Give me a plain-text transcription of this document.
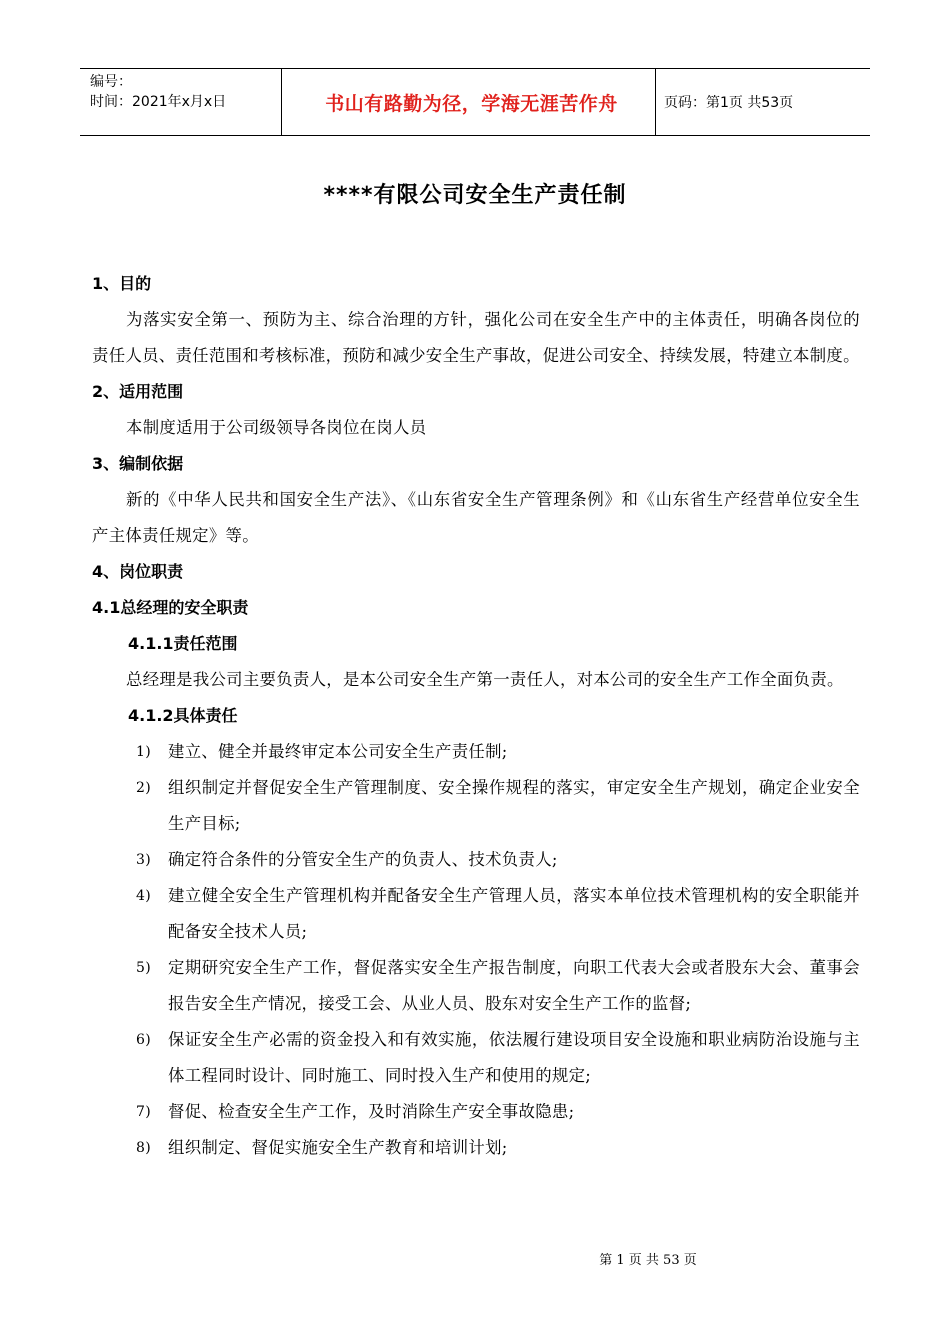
编号：
时间：2021年x月x日	书山有路勤为径，学海无涯苦作舟	页码：第1页 共53页
****有限公司安全生产责任制
1、目的
为落实安全第一、预防为主、综合治理的方针，强化公司在安全生产中的主体责任，明确各岗位的责任人员、责任范围和考核标准，预防和减少安全生产事故，促进公司安全、持续发展，特建立本制度。
2、适用范围
本制度适用于公司级领导各岗位在岗人员
3、编制依据
新的《中华人民共和国安全生产法》、《山东省安全生产管理条例》和《山东省生产经营单位安全生产主体责任规定》等。
4、岗位职责
4.1总经理的安全职责
4.1.1责任范围
总经理是我公司主要负责人，是本公司安全生产第一责任人，对本公司的安全生产工作全面负责。
4.1.2具体责任
1)	建立、健全并最终审定本公司安全生产责任制;
2)	组织制定并督促安全生产管理制度、安全操作规程的落实，审定安全生产规划，确定企业安全生产目标;
3)	确定符合条件的分管安全生产的负责人、技术负责人;
4)	建立健全安全生产管理机构并配备安全生产管理人员，落实本单位技术管理机构的安全职能并配备安全技术人员;
5)	定期研究安全生产工作，督促落实安全生产报告制度，向职工代表大会或者股东大会、董事会报告安全生产情况，接受工会、从业人员、股东对安全生产工作的监督;
6)	保证安全生产必需的资金投入和有效实施，依法履行建设项目安全设施和职业病防治设施与主体工程同时设计、同时施工、同时投入生产和使用的规定;
7)	督促、检查安全生产工作，及时消除生产安全事故隐患;
8)	组织制定、督促实施安全生产教育和培训计划;
第 1 页 共 53 页
